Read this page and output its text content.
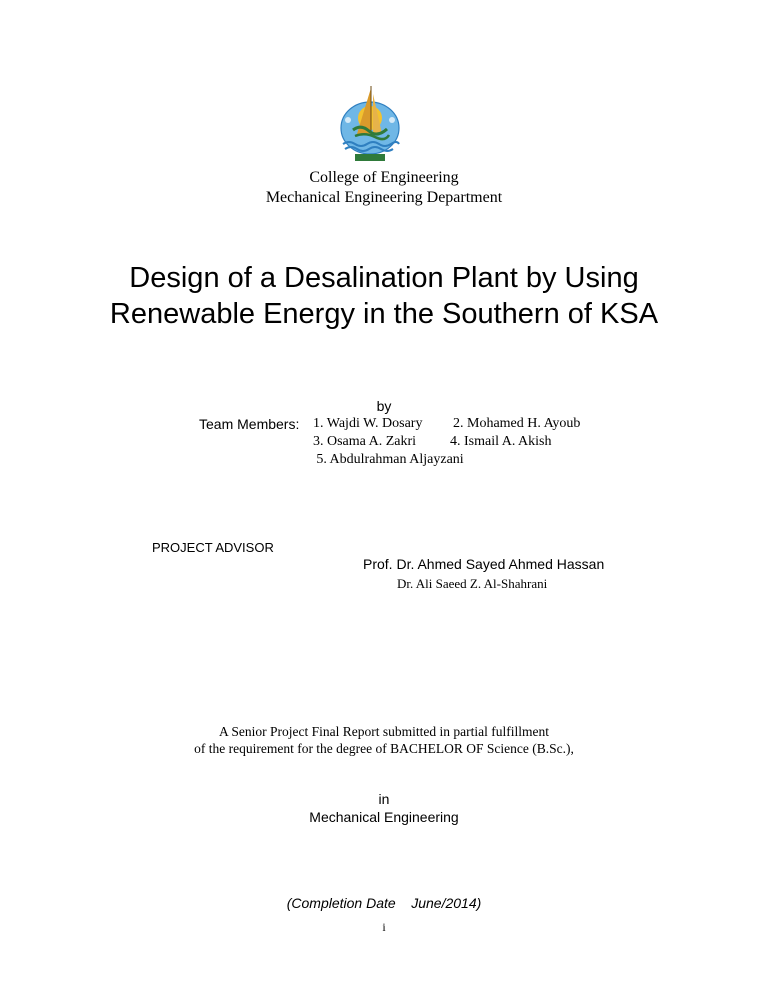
College of Engineering
Mechanical Engineering Department
Design of a Desalination Plant by Using
Renewable Energy in the Southern of KSA
by
Team Members: 1. Wajdi W. Dosary 2. Mohamed H. Ayoub
3. Osama A. Zakri 4. Ismail A. Akish
5. Abdulrahman Aljayzani
PROJECT ADVISOR
Prof. Dr. Ahmed Sayed Ahmed Hassan
Dr. Ali Saeed Z. Al-Shahrani
A Senior Project Final Report submitted in partial fulfillment
of the requirement for the degree of BACHELOR OF Science (B.Sc.),
in
Mechanical Engineering
(Completion Date    June/2014)
i
